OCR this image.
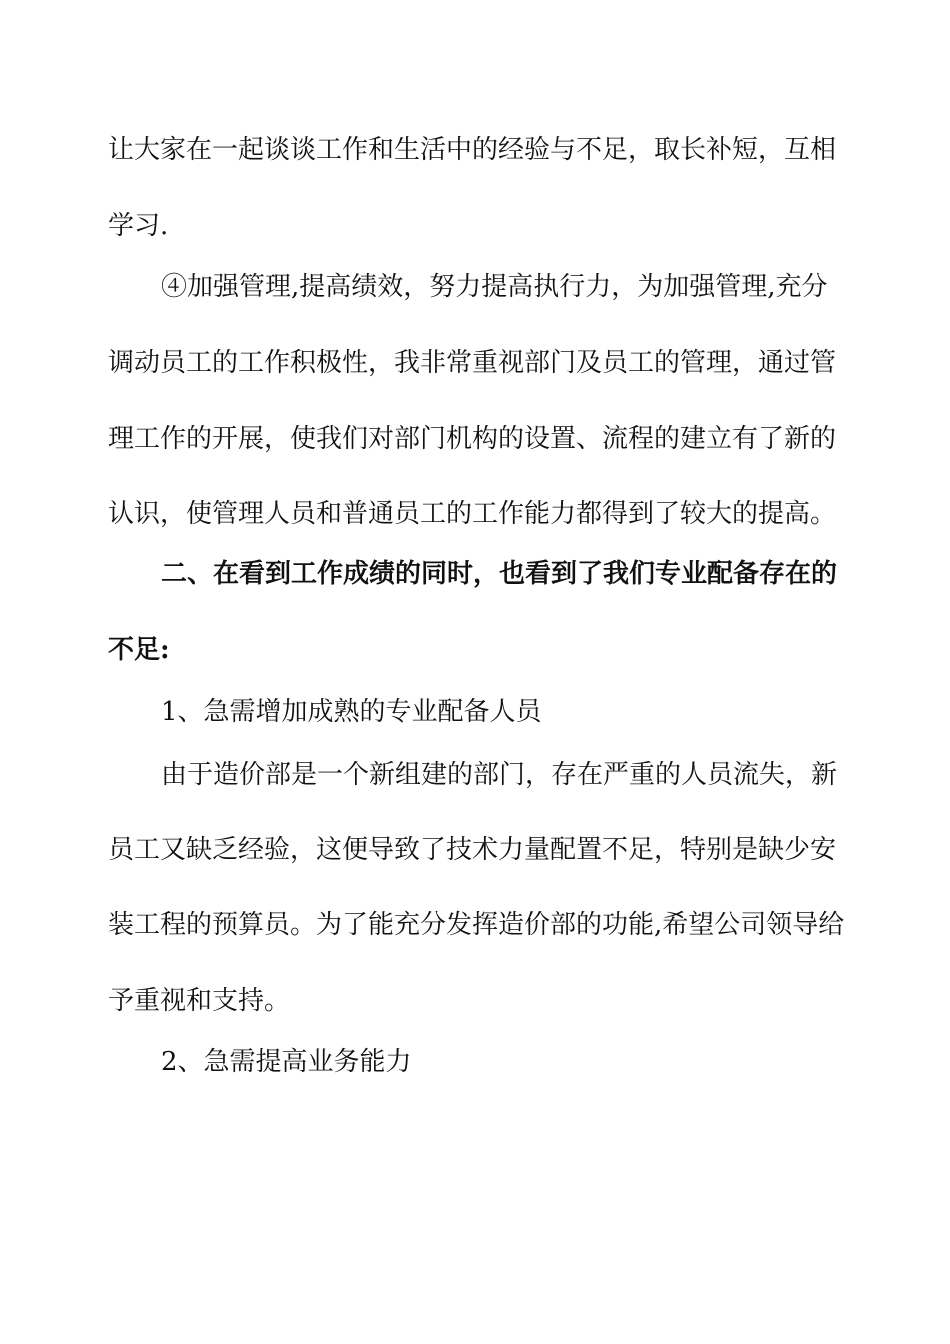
让大家在一起谈谈工作和生活中的经验与不足，取长补短，互相

学习.

④加强管理,提高绩效，努力提高执行力，为加强管理,充分

调动员工的工作积极性，我非常重视部门及员工的管理，通过管

理工作的开展，使我们对部门机构的设置、流程的建立有了新的

认识，使管理人员和普通员工的工作能力都得到了较大的提高。

二、在看到工作成绩的同时，也看到了我们专业配备存在的

不足:

1、急需增加成熟的专业配备人员

由于造价部是一个新组建的部门，存在严重的人员流失，新

员工又缺乏经验，这便导致了技术力量配置不足，特别是缺少安

装工程的预算员。为了能充分发挥造价部的功能,希望公司领导给

予重视和支持。

2、急需提高业务能力
